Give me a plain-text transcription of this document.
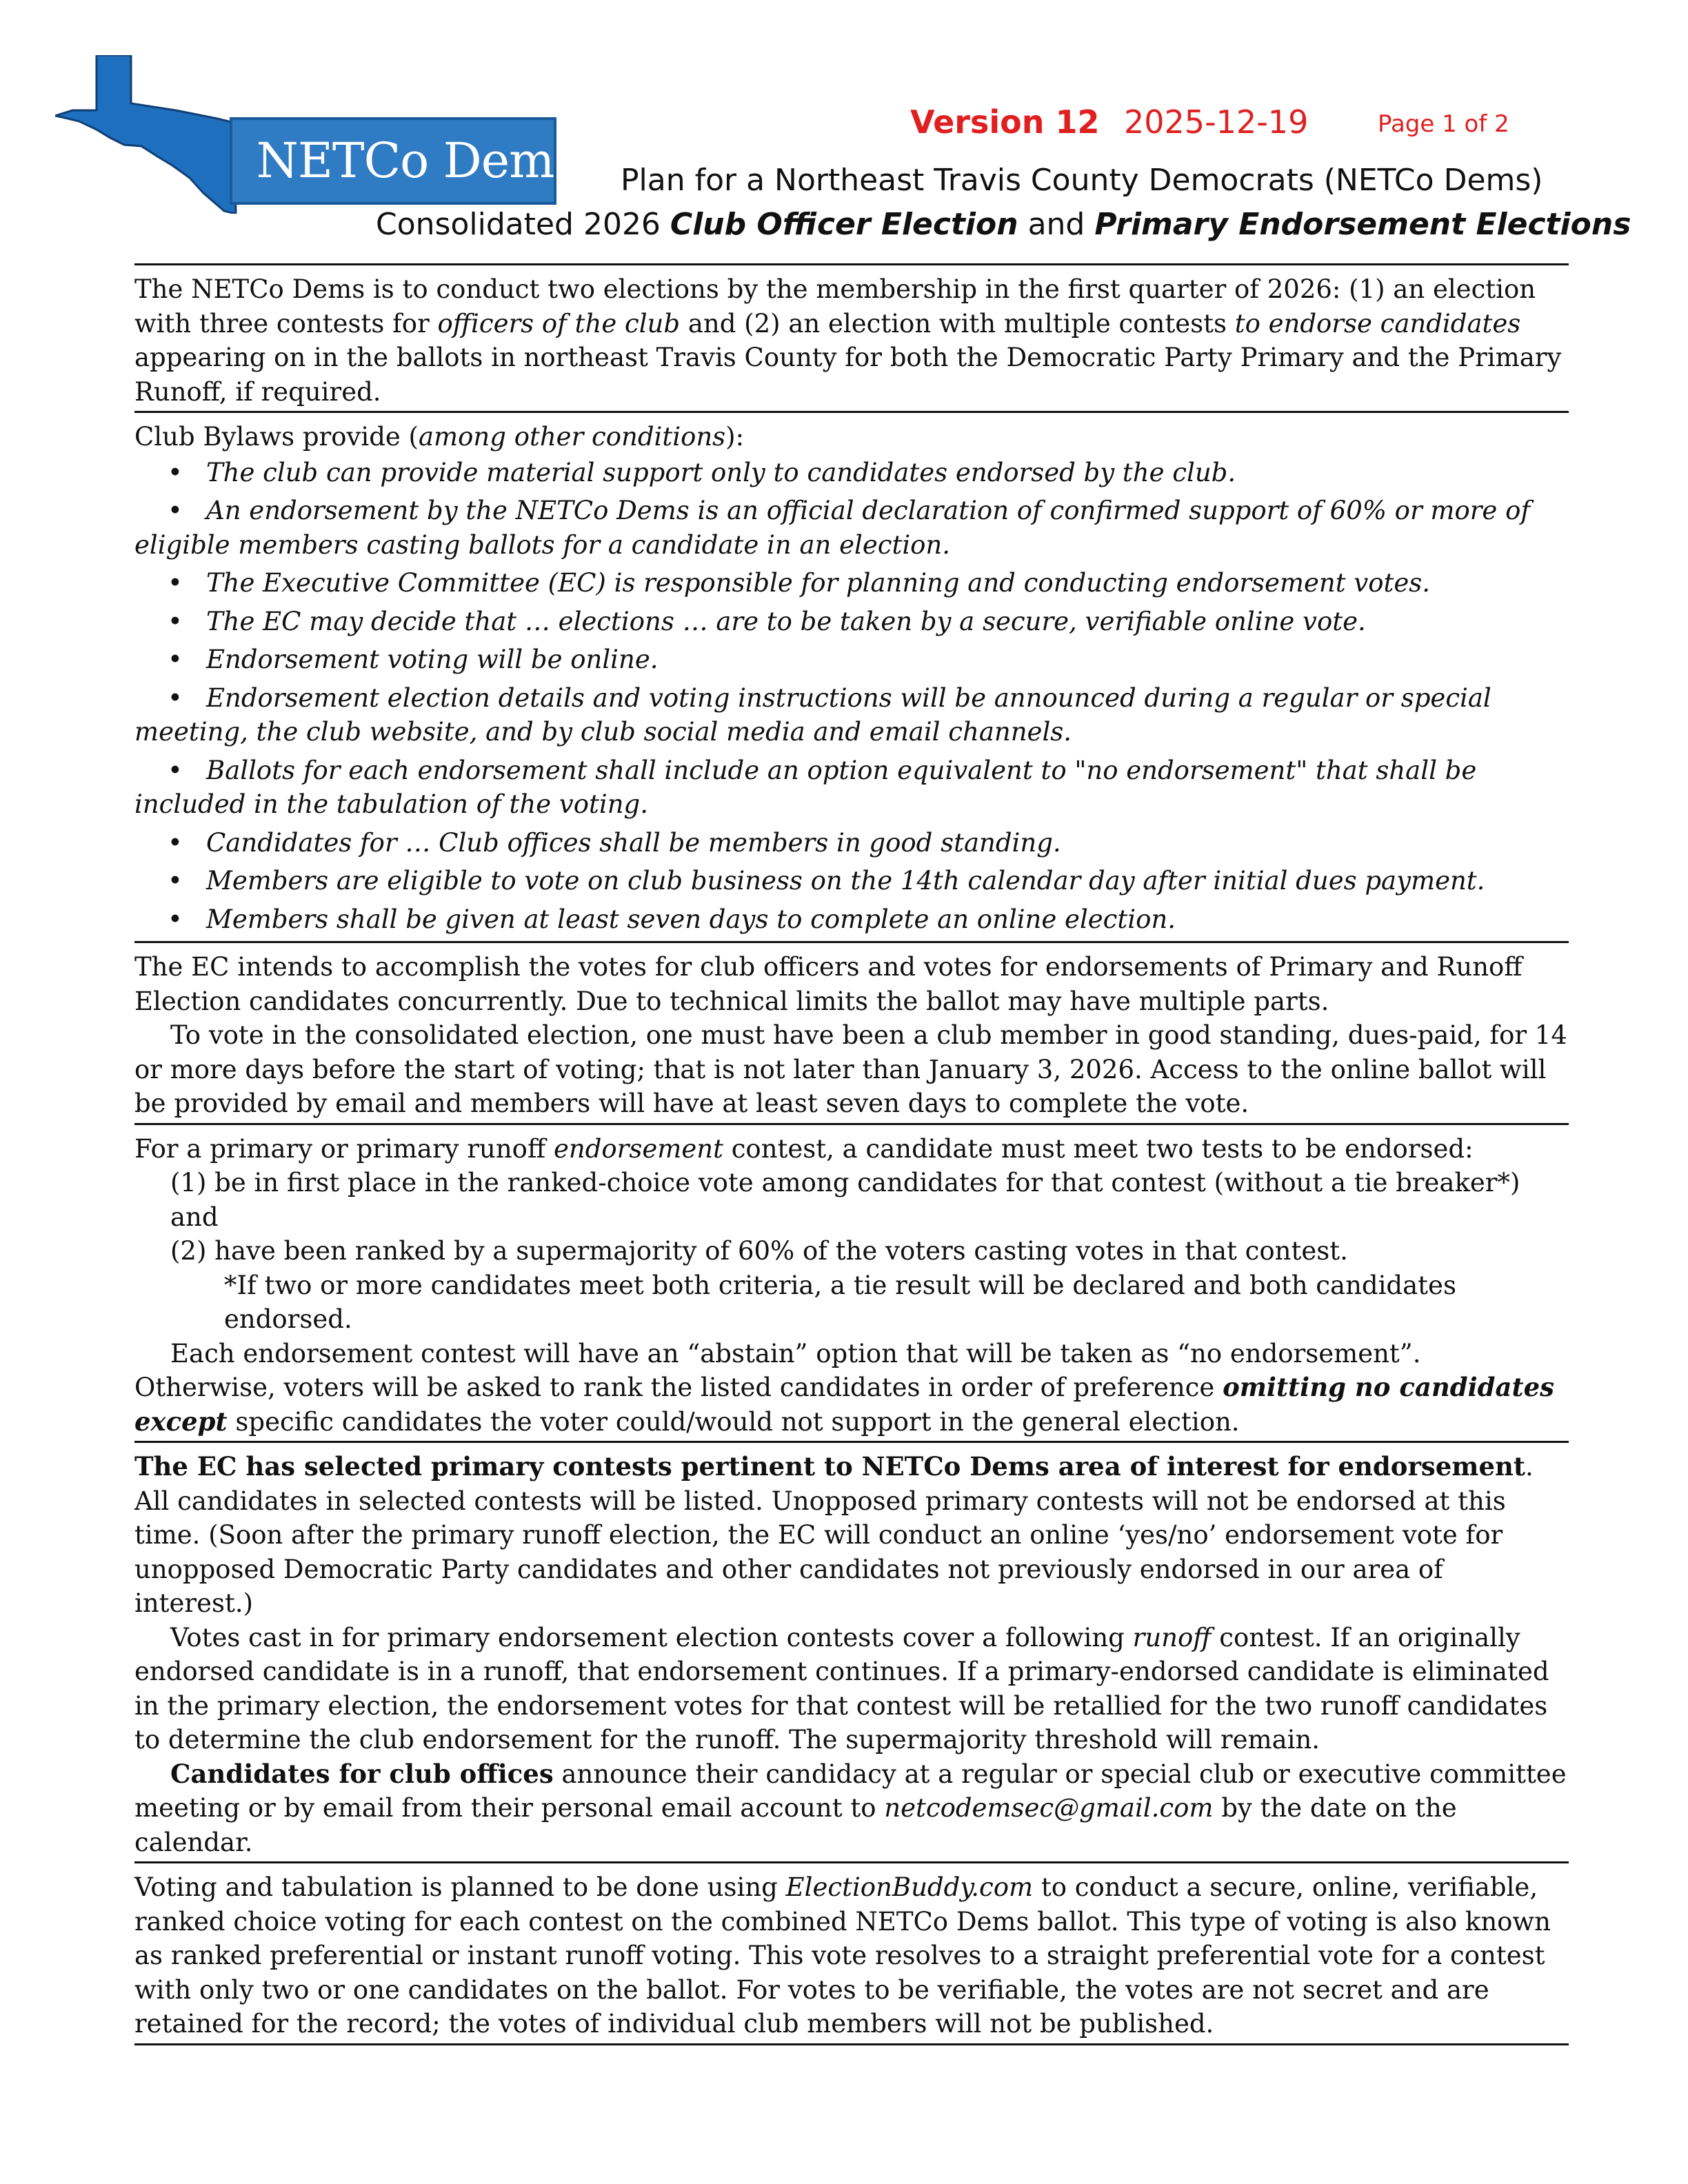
NETCo Dems
Version 12 2025-12-19	Page 1 of 2
Plan for a Northeast Travis County Democrats (NETCo Dems)
Consolidated 2026 Club Officer Election and Primary Endorsement Elections

The NETCo Dems is to conduct two elections by the membership in the first quarter of 2026: (1) an election with three contests for officers of the club and (2) an election with multiple contests to endorse candidates appearing on in the ballots in northeast Travis County for both the Democratic Party Primary and the Primary Runoff, if required.

Club Bylaws provide (among other conditions):

• The club can provide material support only to candidates endorsed by the club.

• An endorsement by the NETCo Dems is an official declaration of confirmed support of 60% or more of eligible members casting ballots for a candidate in an election.

• The Executive Committee (EC) is responsible for planning and conducting endorsement votes.

• The EC may decide that … elections … are to be taken by a secure, verifiable online vote.

• Endorsement voting will be online.

• Endorsement election details and voting instructions will be announced during a regular or special meeting, the club website, and by club social media and email channels.

• Ballots for each endorsement shall include an option equivalent to "no endorsement" that shall be included in the tabulation of the voting.

• Candidates for … Club offices shall be members in good standing.

• Members are eligible to vote on club business on the 14th calendar day after initial dues payment.

• Members shall be given at least seven days to complete an online election.

The EC intends to accomplish the votes for club officers and votes for endorsements of Primary and Runoff Election candidates concurrently. Due to technical limits the ballot may have multiple parts.

To vote in the consolidated election, one must have been a club member in good standing, dues-paid, for 14 or more days before the start of voting; that is not later than January 3, 2026. Access to the online ballot will be provided by email and members will have at least seven days to complete the vote.

For a primary or primary runoff endorsement contest, a candidate must meet two tests to be endorsed:

(1) be in first place in the ranked-choice vote among candidates for that contest (without a tie breaker*) and

(2) have been ranked by a supermajority of 60% of the voters casting votes in that contest.

*If two or more candidates meet both criteria, a tie result will be declared and both candidates endorsed.

Each endorsement contest will have an “abstain” option that will be taken as “no endorsement”. Otherwise, voters will be asked to rank the listed candidates in order of preference omitting no candidates except specific candidates the voter could/would not support in the general election.

The EC has selected primary contests pertinent to NETCo Dems area of interest for endorsement. All candidates in selected contests will be listed. Unopposed primary contests will not be endorsed at this time. (Soon after the primary runoff election, the EC will conduct an online ‘yes/no’ endorsement vote for unopposed Democratic Party candidates and other candidates not previously endorsed in our area of interest.)

Votes cast in for primary endorsement election contests cover a following runoff contest. If an originally endorsed candidate is in a runoff, that endorsement continues. If a primary-endorsed candidate is eliminated in the primary election, the endorsement votes for that contest will be retallied for the two runoff candidates to determine the club endorsement for the runoff. The supermajority threshold will remain.

Candidates for club offices announce their candidacy at a regular or special club or executive committee meeting or by email from their personal email account to netcodemsec@gmail.com by the date on the calendar.

Voting and tabulation is planned to be done using ElectionBuddy.com to conduct a secure, online, verifiable, ranked choice voting for each contest on the combined NETCo Dems ballot. This type of voting is also known as ranked preferential or instant runoff voting. This vote resolves to a straight preferential vote for a contest with only two or one candidates on the ballot. For votes to be verifiable, the votes are not secret and are retained for the record; the votes of individual club members will not be published.
